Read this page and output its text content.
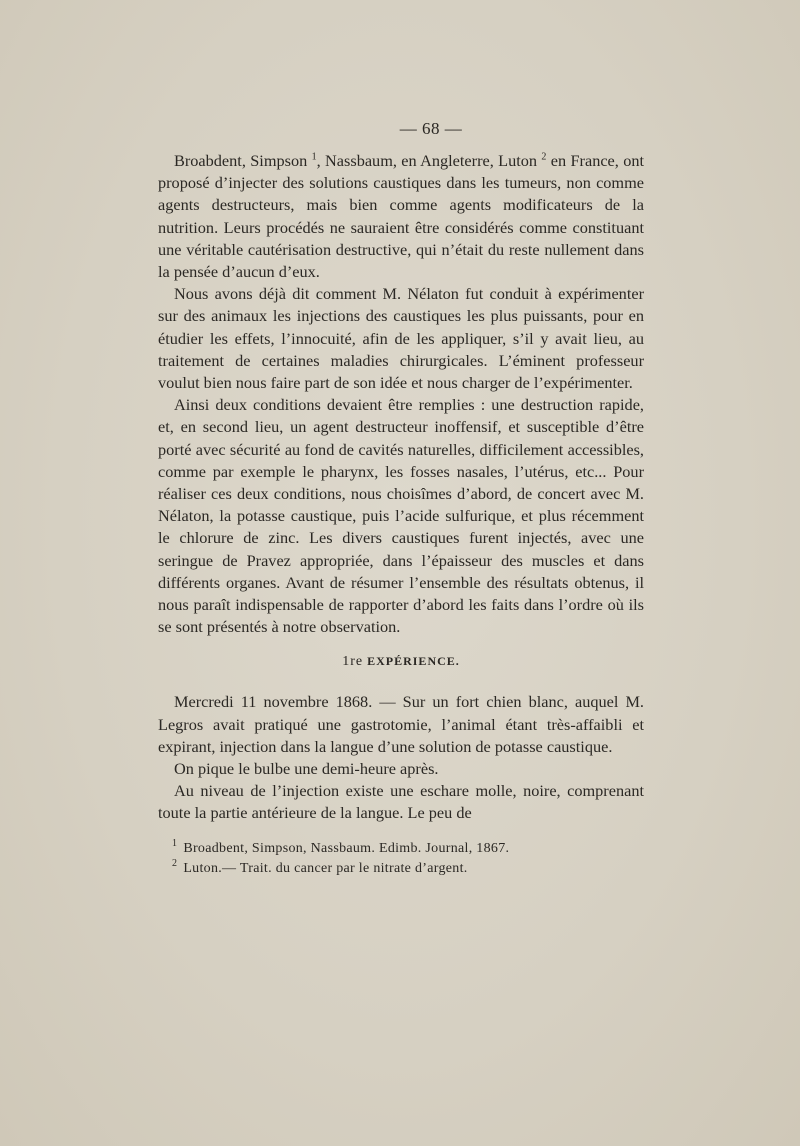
— 68 —

Broabdent, Simpson $^1$, Nassbaum, en Angleterre, Luton $^2$ en France, ont proposé d’injecter des solutions caustiques dans les tumeurs, non comme agents destructeurs, mais bien comme agents modificateurs de la nutrition. Leurs procédés ne sauraient être considérés comme constituant une véritable cautérisation destructive, qui n’était du reste nullement dans la pensée d’aucun d’eux.

Nous avons déjà dit comment M. Nélaton fut conduit à expérimenter sur des animaux les injections des caustiques les plus puissants, pour en étudier les effets, l’innocuité, afin de les appliquer, s’il y avait lieu, au traitement de certaines maladies chirurgicales. L’éminent professeur voulut bien nous faire part de son idée et nous charger de l’expérimenter.

Ainsi deux conditions devaient être remplies : une destruction rapide, et, en second lieu, un agent destructeur inoffensif, et susceptible d’être porté avec sécurité au fond de cavités naturelles, difficilement accessibles, comme par exemple le pharynx, les fosses nasales, l’utérus, etc... Pour réaliser ces deux conditions, nous choisîmes d’abord, de concert avec M. Nélaton, la potasse caustique, puis l’acide sulfurique, et plus récemment le chlorure de zinc. Les divers caustiques furent injectés, avec une seringue de Pravez appropriée, dans l’épaisseur des muscles et dans différents organes. Avant de résumer l’ensemble des résultats obtenus, il nous paraît indispensable de rapporter d’abord les faits dans l’ordre où ils se sont présentés à notre observation.

1re EXPÉRIENCE.

Mercredi 11 novembre 1868. — Sur un fort chien blanc, auquel M. Legros avait pratiqué une gastrotomie, l’animal étant très-affaibli et expirant, injection dans la langue d’une solution de potasse caustique.

On pique le bulbe une demi-heure après.

Au niveau de l’injection existe une eschare molle, noire, comprenant toute la partie antérieure de la langue. Le peu de

$^1$ Broadbent, Simpson, Nassbaum. Edimb. Journal, 1867.

$^2$ Luton.— Trait. du cancer par le nitrate d’argent.
